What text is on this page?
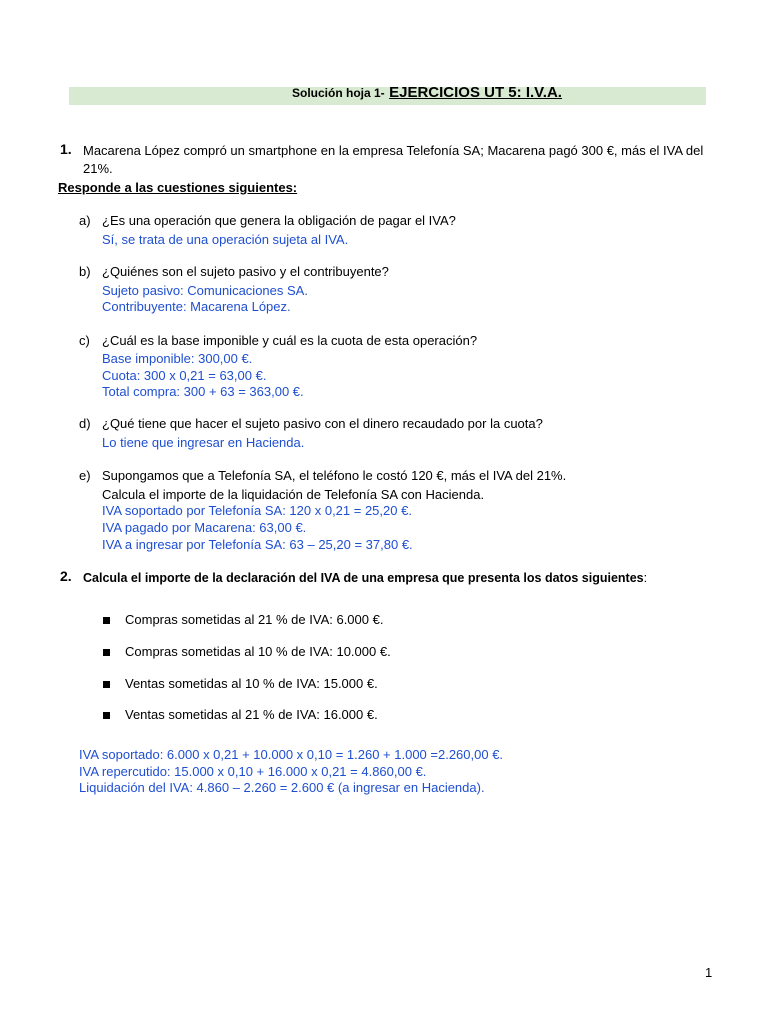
Solución hoja 1- EJERCICIOS UT 5: I.V.A.
1. Macarena López compró un smartphone en la empresa Telefonía SA; Macarena pagó 300 €, más el IVA del
21%.
Responde a las cuestiones siguientes:
a) ¿Es una operación que genera la obligación de pagar el IVA?
Sí, se trata de una operación sujeta al IVA.
b) ¿Quiénes son el sujeto pasivo y el contribuyente?
Sujeto pasivo: Comunicaciones SA.
Contribuyente: Macarena López.
c) ¿Cuál es la base imponible y cuál es la cuota de esta operación?
Base imponible: 300,00 €.
Cuota: 300 x 0,21 = 63,00 €.
Total compra: 300 + 63 = 363,00 €.
d) ¿Qué tiene que hacer el sujeto pasivo con el dinero recaudado por la cuota?
Lo tiene que ingresar en Hacienda.
e) Supongamos que a Telefonía SA, el teléfono le costó 120 €, más el IVA del 21%.
Calcula el importe de la liquidación de Telefonía SA con Hacienda.
IVA soportado por Telefonía SA: 120 x 0,21 = 25,20 €.
IVA pagado por Macarena: 63,00 €.
IVA a ingresar por Telefonía SA: 63 – 25,20 = 37,80 €.
2. Calcula el importe de la declaración del IVA de una empresa que presenta los datos siguientes:
Compras sometidas al 21 % de IVA: 6.000 €.
Compras sometidas al 10 % de IVA: 10.000 €.
Ventas sometidas al 10 % de IVA: 15.000 €.
Ventas sometidas al 21 % de IVA: 16.000 €.
IVA soportado: 6.000 x 0,21 + 10.000 x 0,10 = 1.260 + 1.000 =2.260,00 €.
IVA repercutido: 15.000 x 0,10 + 16.000 x 0,21 = 4.860,00 €.
Liquidación del IVA: 4.860 – 2.260 = 2.600 € (a ingresar en Hacienda).
1
